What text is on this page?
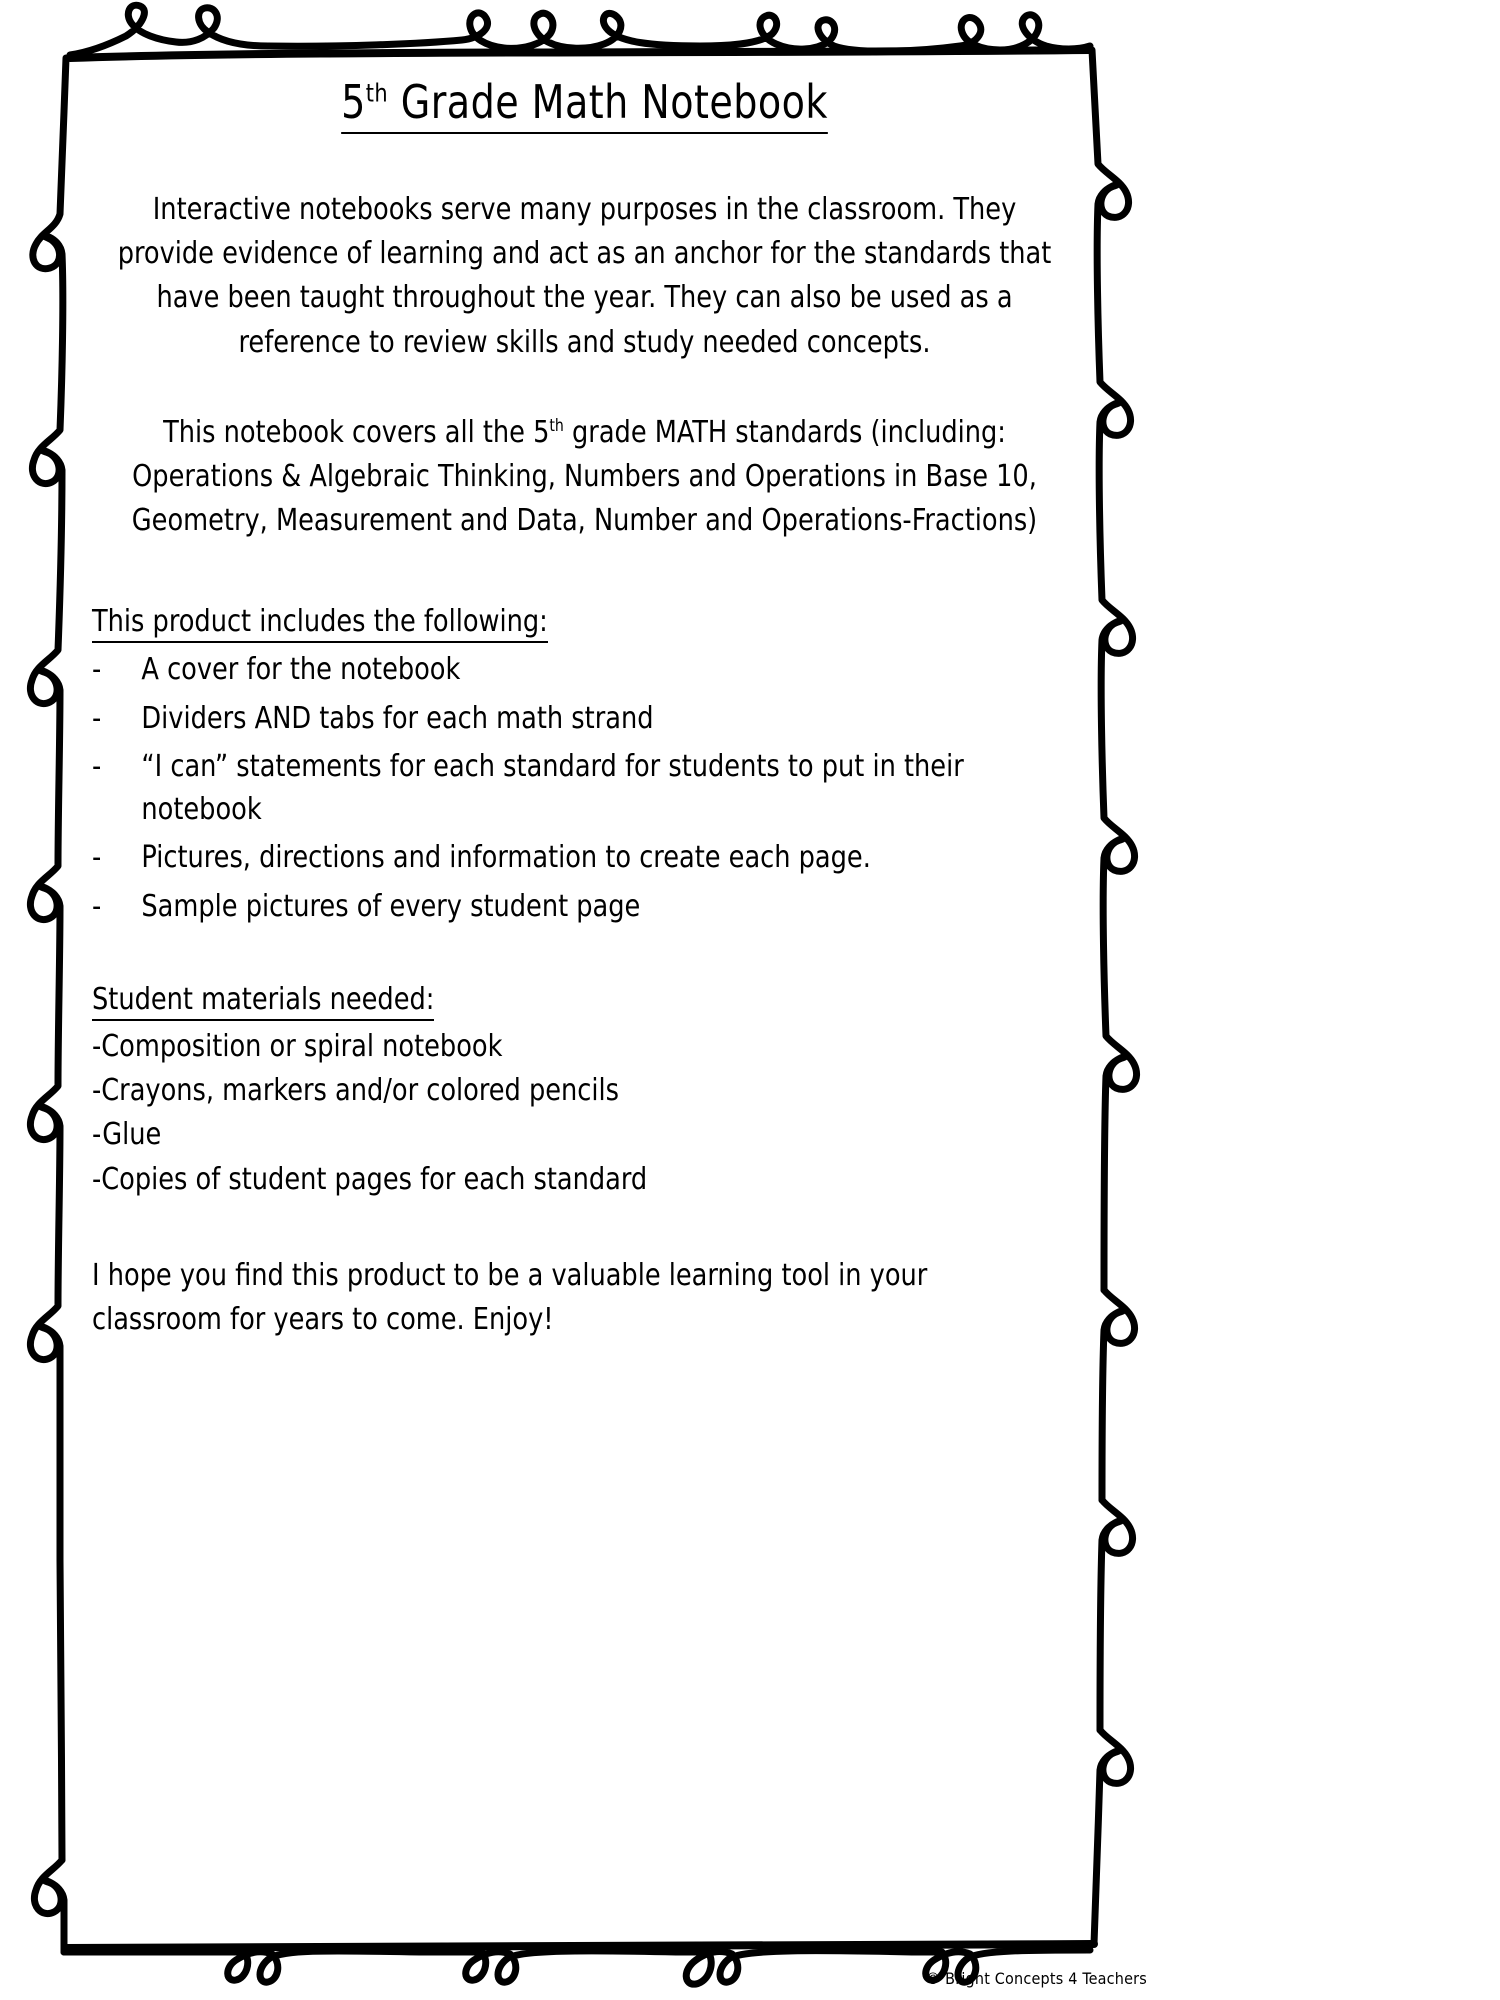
5th Grade Math Notebook

Interactive notebooks serve many purposes in the classroom. They provide evidence of learning and act as an anchor for the standards that have been taught throughout the year. They can also be used as a reference to review skills and study needed concepts.

This notebook covers all the 5th grade MATH standards (including: Operations & Algebraic Thinking, Numbers and Operations in Base 10, Geometry, Measurement and Data, Number and Operations-Fractions)

This product includes the following:

-	A cover for the notebook
-	Dividers AND tabs for each math strand
-	“I can” statements for each standard for students to put in their notebook
-	Pictures, directions and information to create each page.
-	Sample pictures of every student page

Student materials needed:

-Composition or spiral notebook
-Crayons, markers and/or colored pencils
-Glue
-Copies of student pages for each standard

I hope you find this product to be a valuable learning tool in your classroom for years to come. Enjoy!

© Bright Concepts 4 Teachers
